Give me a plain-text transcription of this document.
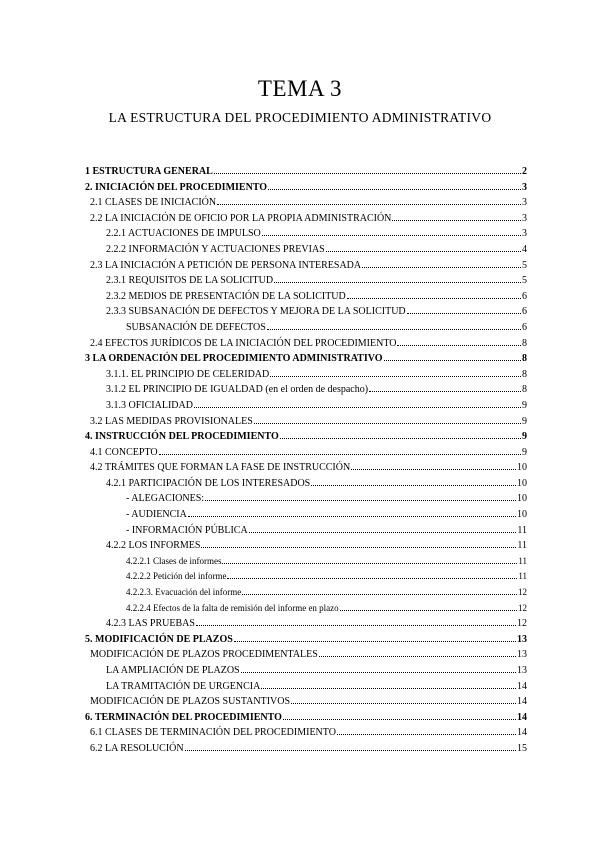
TEMA 3
LA ESTRUCTURA DEL PROCEDIMIENTO ADMINISTRATIVO
1 ESTRUCTURA GENERAL	2
2. INICIACIÓN DEL PROCEDIMIENTO	3
2.1 CLASES DE INICIACIÓN	3
2.2 LA INICIACIÓN DE OFICIO POR LA PROPIA ADMINISTRACIÓN	3
2.2.1 ACTUACIONES DE IMPULSO	3
2.2.2 INFORMACIÓN Y ACTUACIONES PREVIAS	4
2.3 LA INICIACIÓN A PETICIÓN DE PERSONA INTERESADA	5
2.3.1 REQUISITOS DE LA SOLICITUD	5
2.3.2 MEDIOS DE PRESENTACIÓN DE LA SOLICITUD	6
2.3.3 SUBSANACIÓN DE DEFECTOS Y MEJORA DE LA SOLICITUD	6
SUBSANACIÓN DE DEFECTOS	6
2.4 EFECTOS JURÍDICOS DE LA INICIACIÓN DEL PROCEDIMIENTO	8
3 LA ORDENACIÓN DEL PROCEDIMIENTO ADMINISTRATIVO	8
3.1.1. EL PRINCIPIO DE CELERIDAD	8
3.1.2 EL PRINCIPIO DE IGUALDAD (en el orden de despacho)	8
3.1.3 OFICIALIDAD	9
3.2 LAS MEDIDAS PROVISIONALES	9
4. INSTRUCCIÓN DEL PROCEDIMIENTO	9
4.1 CONCEPTO	9
4.2 TRÁMITES QUE FORMAN LA FASE DE INSTRUCCIÓN	10
4.2.1 PARTICIPACIÓN DE LOS INTERESADOS	10
- ALEGACIONES:	10
- AUDIENCIA	10
- INFORMACIÓN PÚBLICA	11
4.2.2 LOS INFORMES	11
4.2.2.1 Clases de informes	11
4.2.2.2 Petición del informe	11
4.2.2.3. Evacuación del informe	12
4.2.2.4 Efectos de la falta de remisión del informe en plazo	12
4.2.3 LAS PRUEBAS	12
5. MODIFICACIÓN DE PLAZOS	13
MODIFICACIÓN DE PLAZOS PROCEDIMENTALES	13
LA AMPLIACIÓN DE PLAZOS	13
LA TRAMITACIÓN DE URGENCIA	14
MODIFICACIÓN DE PLAZOS SUSTANTIVOS	14
6. TERMINACIÓN DEL PROCEDIMIENTO	14
6.1 CLASES DE TERMINACIÓN DEL PROCEDIMIENTO	14
6.2 LA RESOLUCIÓN	15
